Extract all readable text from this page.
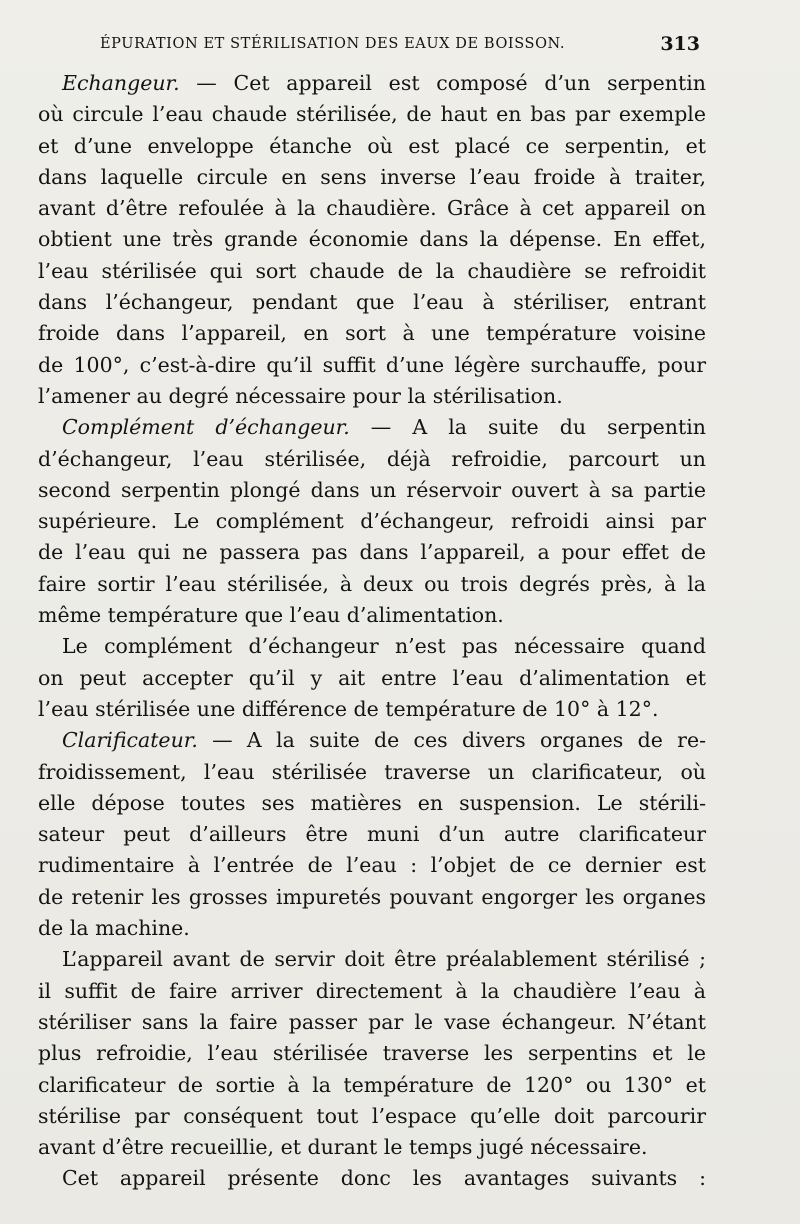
ÉPURATION ET STÉRILISATION DES EAUX DE BOISSON.	313
Echangeur. — Cet appareil est composé d’un serpentin
où circule l’eau chaude stérilisée, de haut en bas par exemple
et d’une enveloppe étanche où est placé ce serpentin, et
dans laquelle circule en sens inverse l’eau froide à traiter,
avant d’être refoulée à la chaudière. Grâce à cet appareil on
obtient une très grande économie dans la dépense. En effet,
l’eau stérilisée qui sort chaude de la chaudière se refroidit
dans l’échangeur, pendant que l’eau à stériliser, entrant
froide dans l’appareil, en sort à une température voisine
de 100°, c’est-à-dire qu’il suffit d’une légère surchauffe, pour
l’amener au degré nécessaire pour la stérilisation.
Complément d’échangeur. — A la suite du serpentin
d’échangeur, l’eau stérilisée, déjà refroidie, parcourt un
second serpentin plongé dans un réservoir ouvert à sa partie
supérieure. Le complément d’échangeur, refroidi ainsi par
de l’eau qui ne passera pas dans l’appareil, a pour effet de
faire sortir l’eau stérilisée, à deux ou trois degrés près, à la
même température que l’eau d’alimentation.
Le complément d’échangeur n’est pas nécessaire quand
on peut accepter qu’il y ait entre l’eau d’alimentation et
l’eau stérilisée une différence de température de 10° à 12°.
Clarificateur. — A la suite de ces divers organes de re-
froidissement, l’eau stérilisée traverse un clarificateur, où
elle dépose toutes ses matières en suspension. Le stérili-
sateur peut d’ailleurs être muni d’un autre clarificateur
rudimentaire à l’entrée de l’eau : l’objet de ce dernier est
de retenir les grosses impuretés pouvant engorger les organes
de la machine.
L’appareil avant de servir doit être préalablement stérilisé ;
il suffit de faire arriver directement à la chaudière l’eau à
stériliser sans la faire passer par le vase échangeur. N’étant
plus refroidie, l’eau stérilisée traverse les serpentins et le
clarificateur de sortie à la température de 120° ou 130° et
stérilise par conséquent tout l’espace qu’elle doit parcourir
avant d’être recueillie, et durant le temps jugé nécessaire.
Cet appareil présente donc les avantages suivants :
